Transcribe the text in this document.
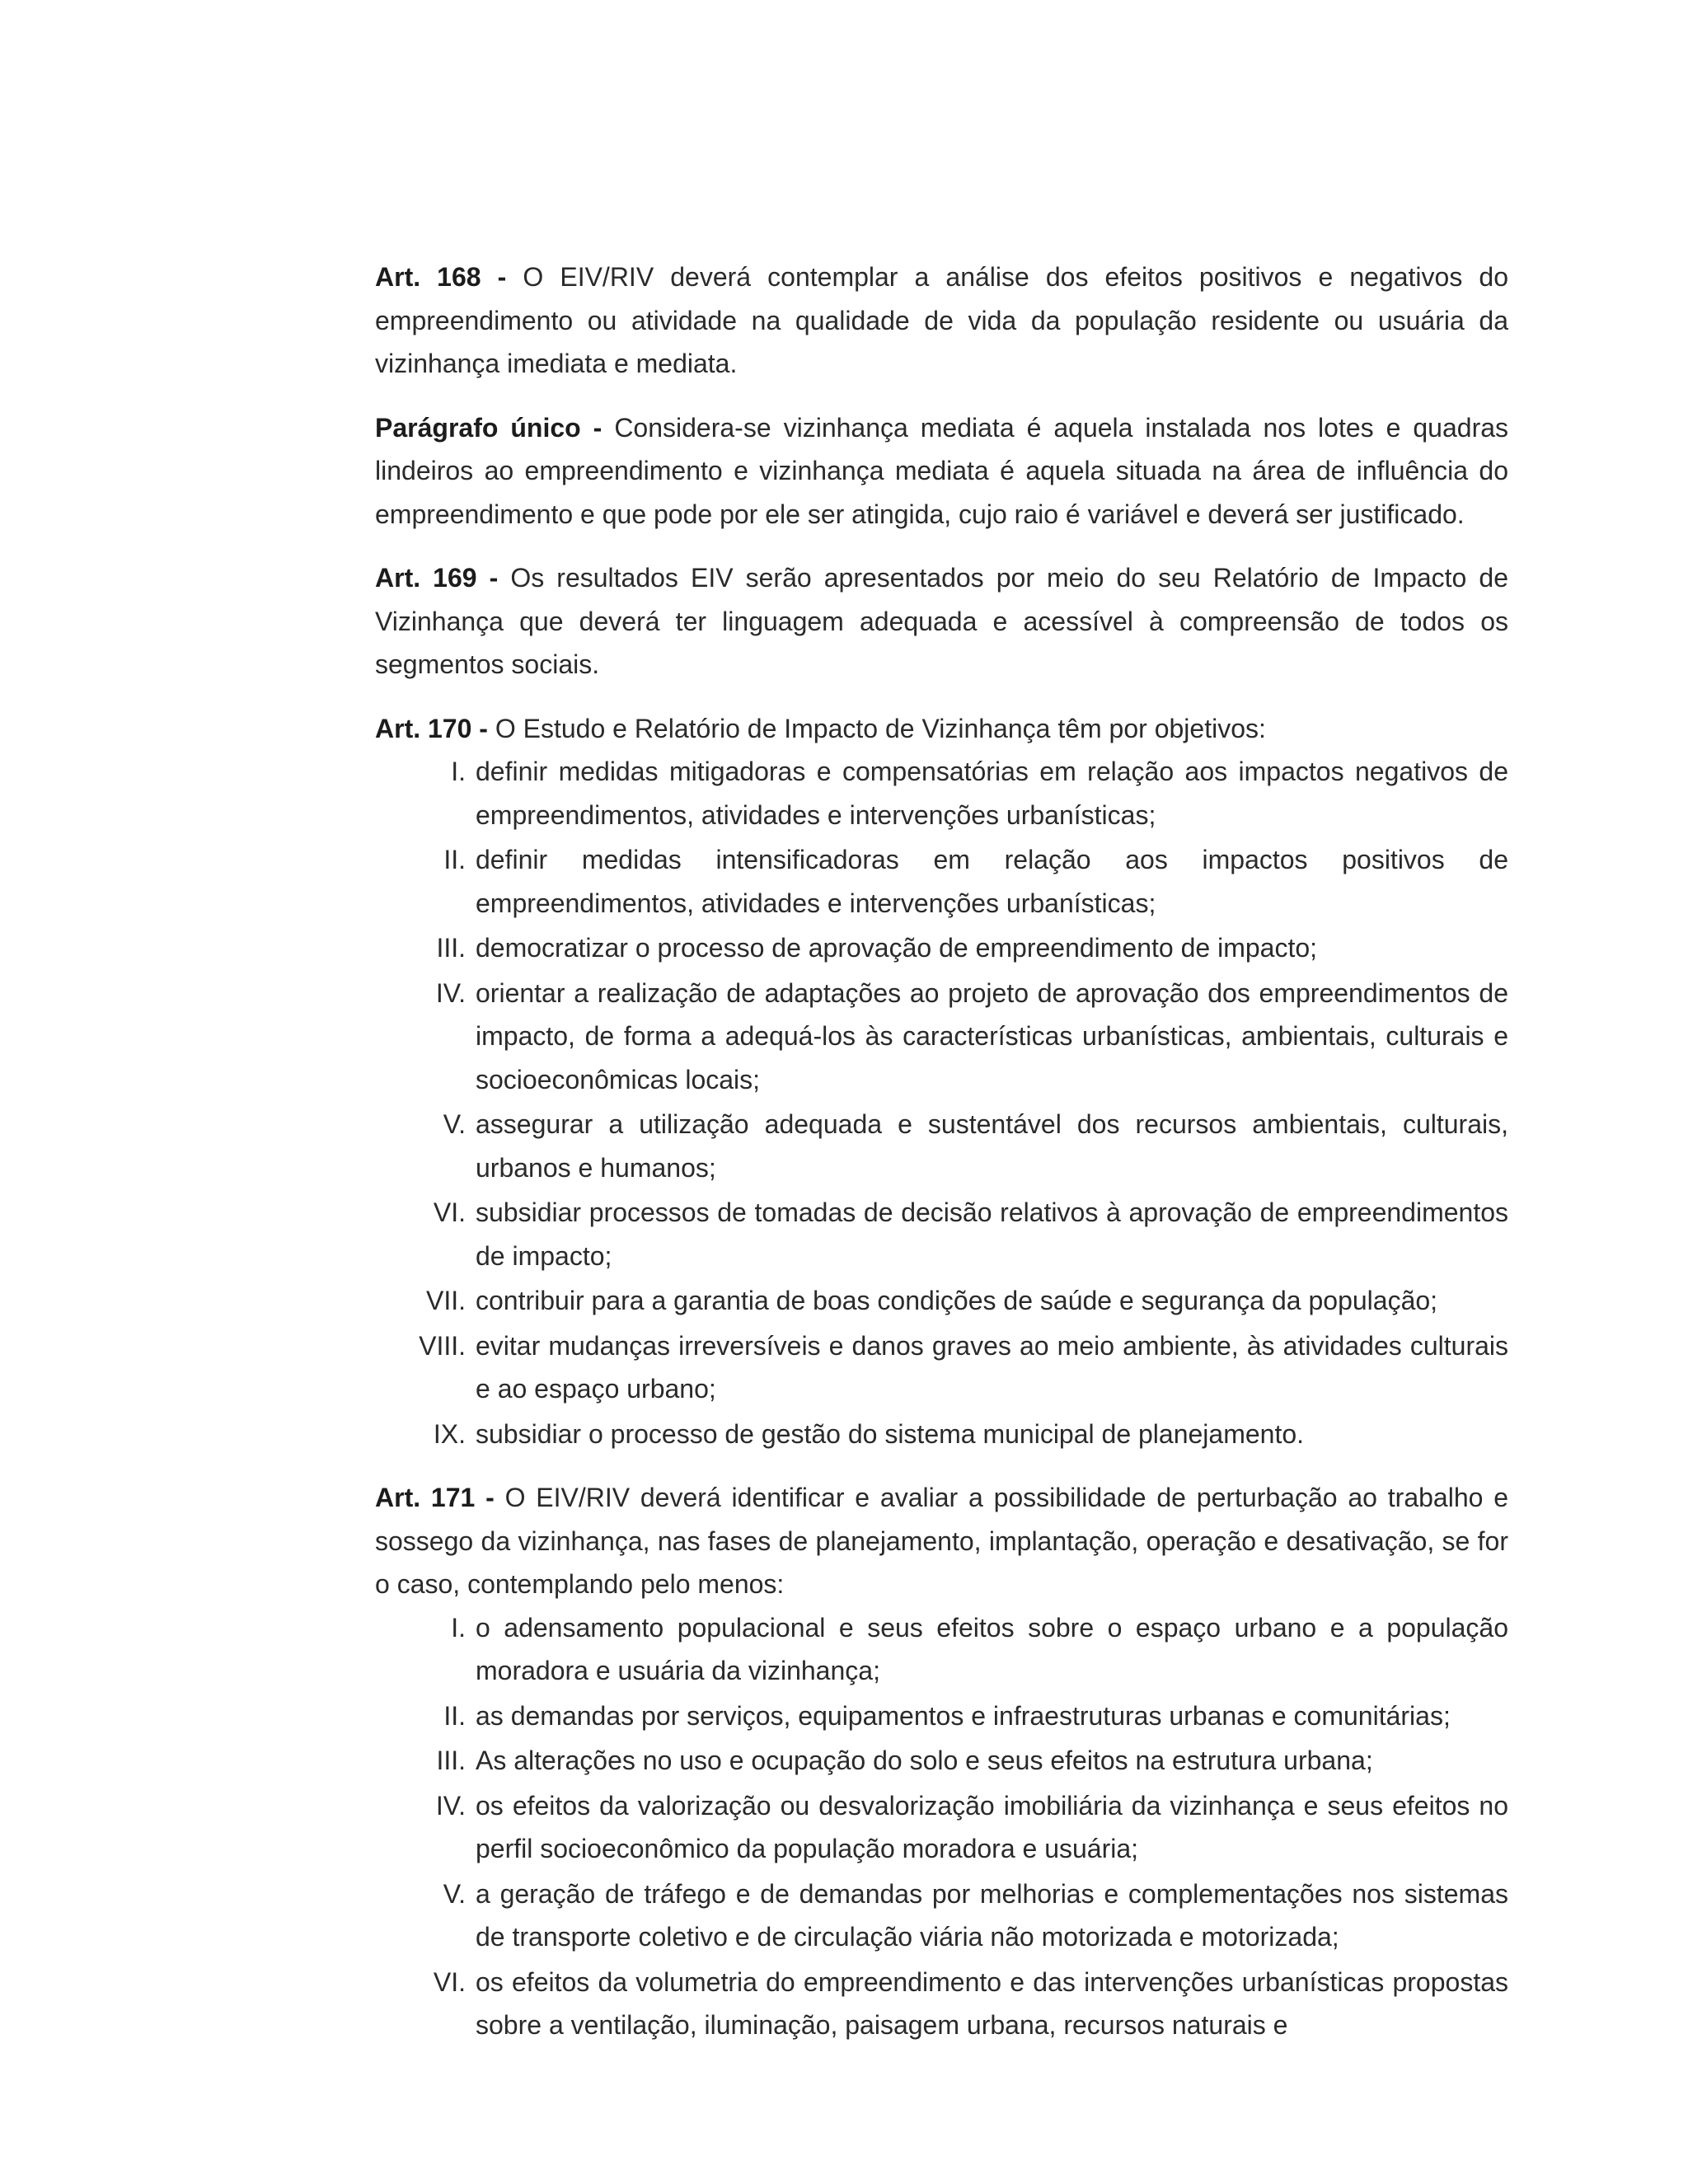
Art. 168 - O EIV/RIV deverá contemplar a análise dos efeitos positivos e negativos do empreendimento ou atividade na qualidade de vida da população residente ou usuária da vizinhança imediata e mediata.

Parágrafo único - Considera-se vizinhança mediata é aquela instalada nos lotes e quadras lindeiros ao empreendimento e vizinhança mediata é aquela situada na área de influência do empreendimento e que pode por ele ser atingida, cujo raio é variável e deverá ser justificado.

Art. 169 - Os resultados EIV serão apresentados por meio do seu Relatório de Impacto de Vizinhança que deverá ter linguagem adequada e acessível à compreensão de todos os segmentos sociais.

Art. 170 - O Estudo e Relatório de Impacto de Vizinhança têm por objetivos:

I. definir medidas mitigadoras e compensatórias em relação aos impactos negativos de empreendimentos, atividades e intervenções urbanísticas;
II. definir medidas intensificadoras em relação aos impactos positivos de empreendimentos, atividades e intervenções urbanísticas;
III. democratizar o processo de aprovação de empreendimento de impacto;
IV. orientar a realização de adaptações ao projeto de aprovação dos empreendimentos de impacto, de forma a adequá-los às características urbanísticas, ambientais, culturais e socioeconômicas locais;
V. assegurar a utilização adequada e sustentável dos recursos ambientais, culturais, urbanos e humanos;
VI. subsidiar processos de tomadas de decisão relativos à aprovação de empreendimentos de impacto;
VII. contribuir para a garantia de boas condições de saúde e segurança da população;
VIII. evitar mudanças irreversíveis e danos graves ao meio ambiente, às atividades culturais e ao espaço urbano;
IX. subsidiar o processo de gestão do sistema municipal de planejamento.

Art. 171 - O EIV/RIV deverá identificar e avaliar a possibilidade de perturbação ao trabalho e sossego da vizinhança, nas fases de planejamento, implantação, operação e desativação, se for o caso, contemplando pelo menos:

I. o adensamento populacional e seus efeitos sobre o espaço urbano e a população moradora e usuária da vizinhança;
II. as demandas por serviços, equipamentos e infraestruturas urbanas e comunitárias;
III. As alterações no uso e ocupação do solo e seus efeitos na estrutura urbana;
IV. os efeitos da valorização ou desvalorização imobiliária da vizinhança e seus efeitos no perfil socioeconômico da população moradora e usuária;
V. a geração de tráfego e de demandas por melhorias e complementações nos sistemas de transporte coletivo e de circulação viária não motorizada e motorizada;
VI. os efeitos da volumetria do empreendimento e das intervenções urbanísticas propostas sobre a ventilação, iluminação, paisagem urbana, recursos naturais e
